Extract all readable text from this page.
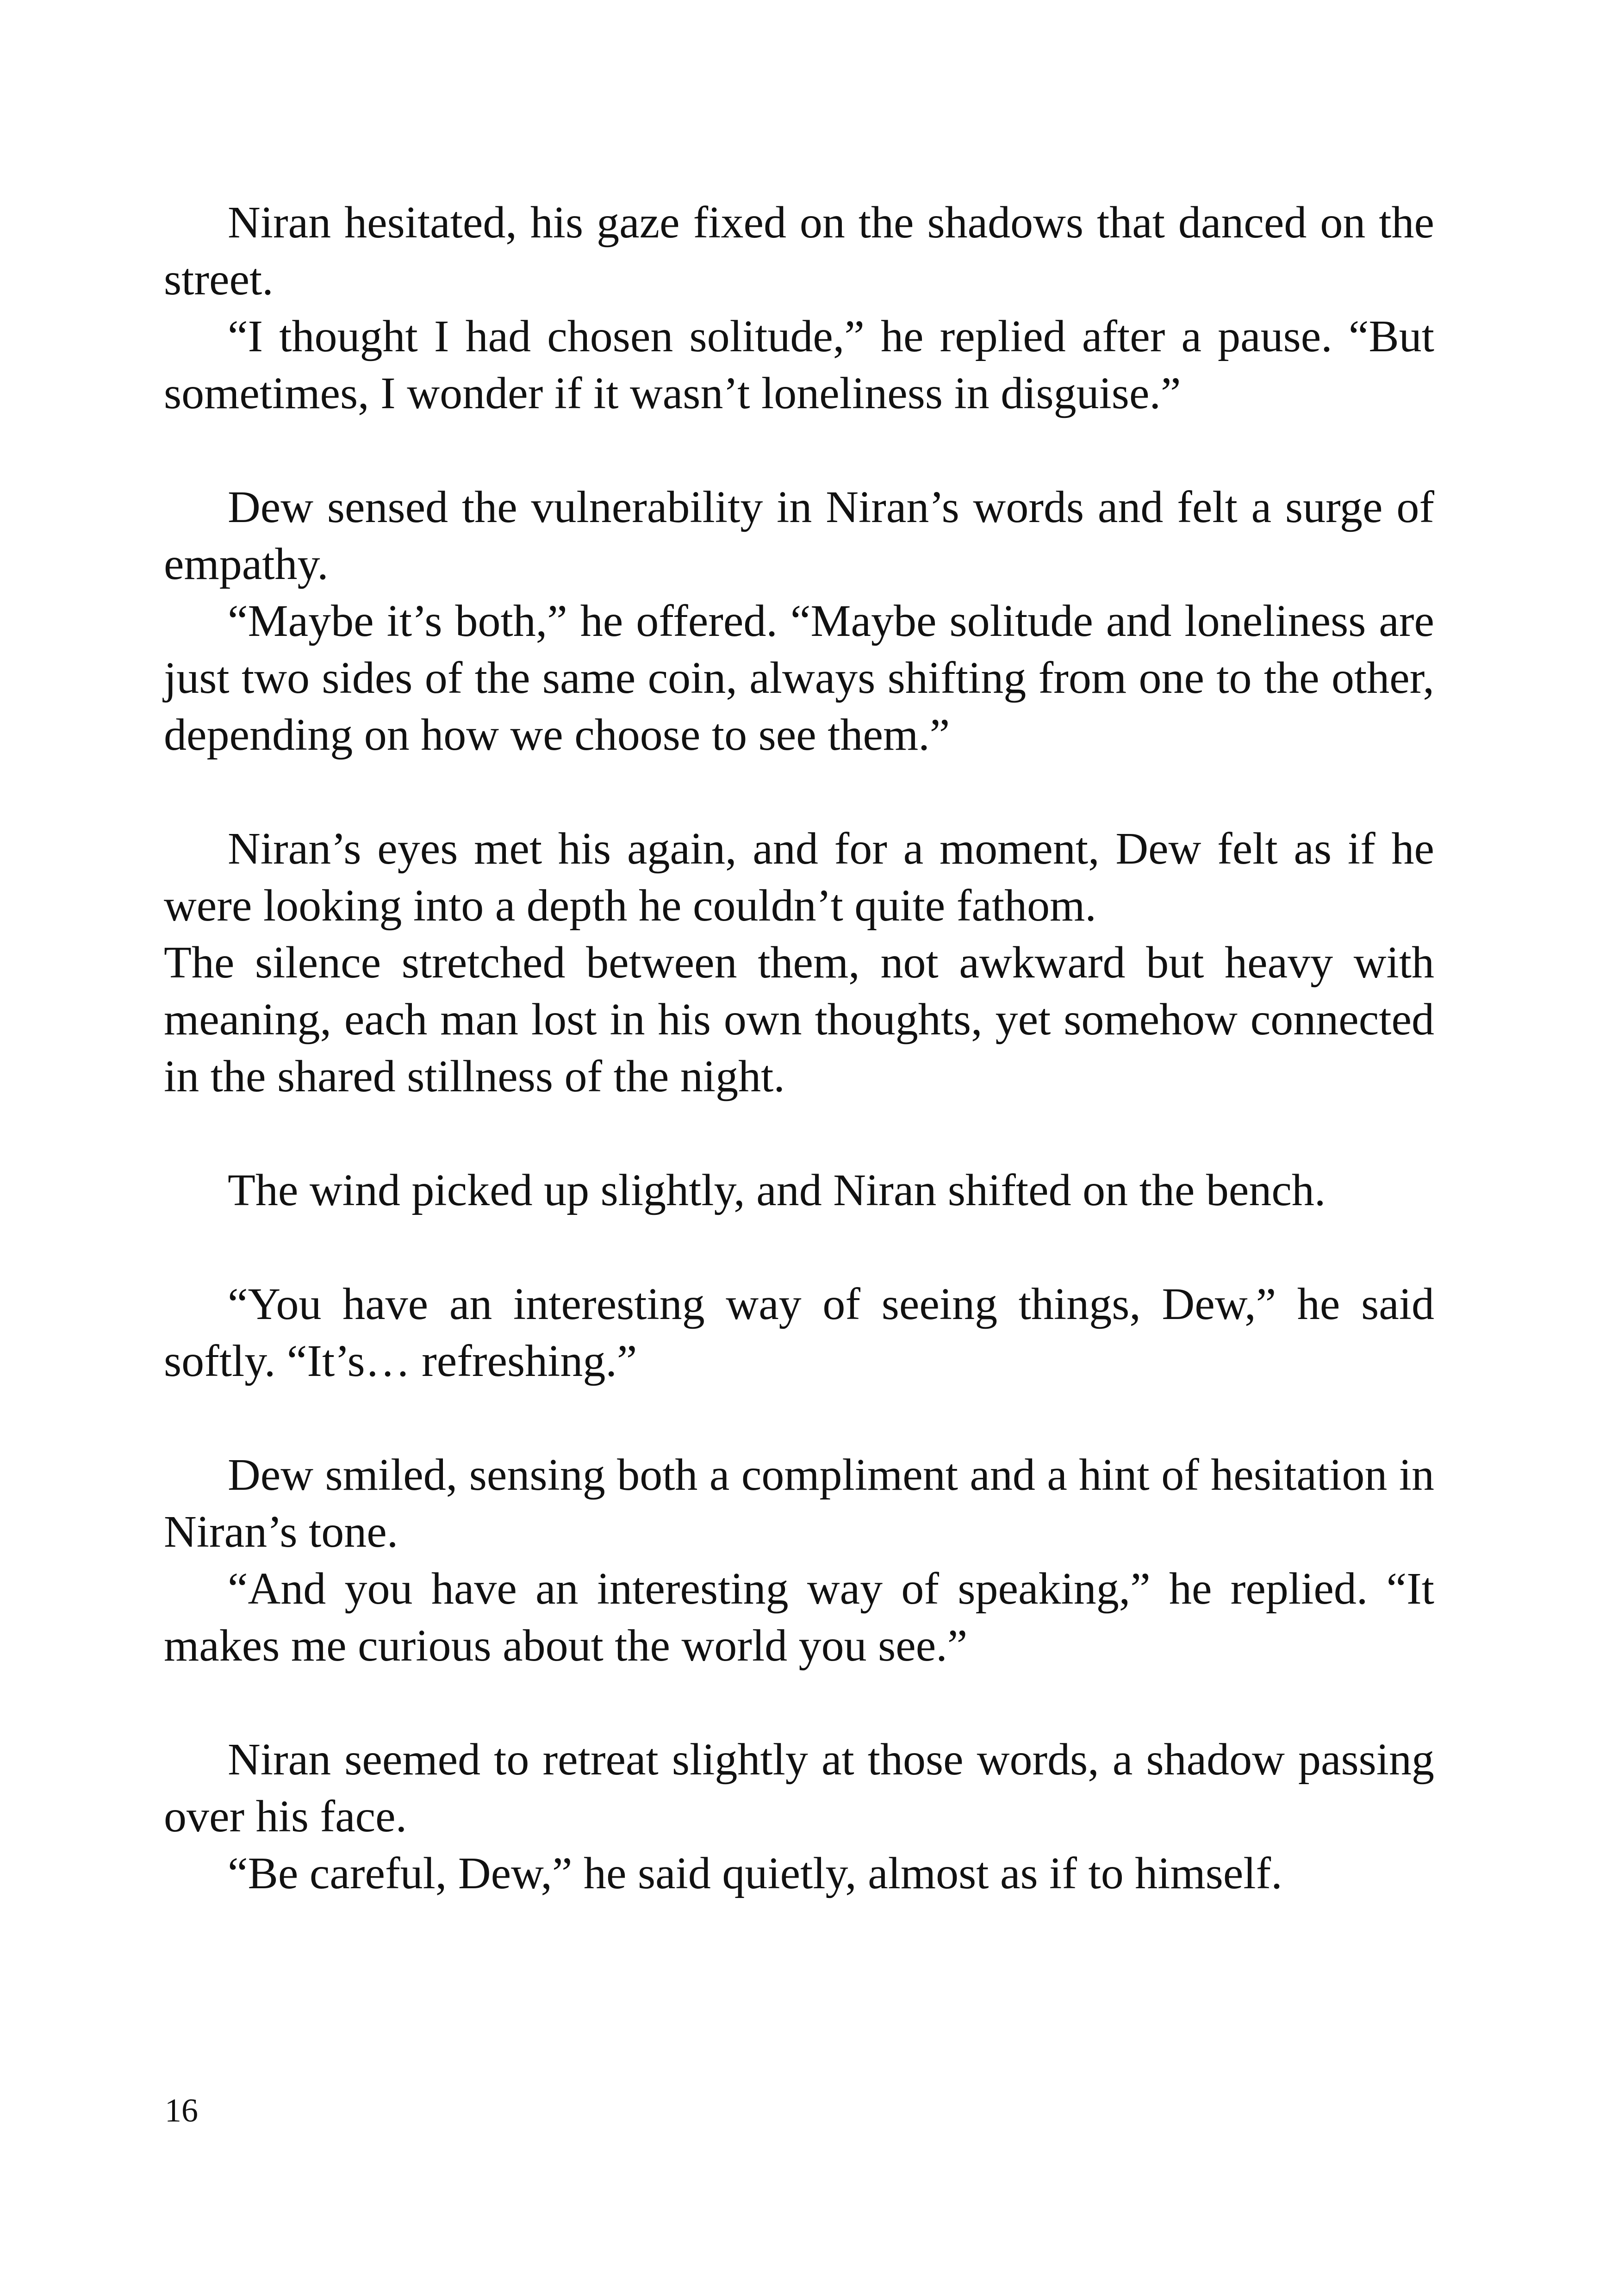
Niran hesitated, his gaze fixed on the shadows that danced on the street.

“I thought I had chosen solitude,” he replied after a pause. “But sometimes, I wonder if it wasn’t loneliness in disguise.”

Dew sensed the vulnerability in Niran’s words and felt a surge of empathy.

“Maybe it’s both,” he offered. “Maybe solitude and loneliness are just two sides of the same coin, always shifting from one to the other, depending on how we choose to see them.”

Niran’s eyes met his again, and for a moment, Dew felt as if he were looking into a depth he couldn’t quite fathom.

The silence stretched between them, not awkward but heavy with meaning, each man lost in his own thoughts, yet somehow connected in the shared stillness of the night.

The wind picked up slightly, and Niran shifted on the bench.

“You have an interesting way of seeing things, Dew,” he said softly. “It’s… refreshing.”

Dew smiled, sensing both a compliment and a hint of hesitation in Niran’s tone.

“And you have an interesting way of speaking,” he replied. “It makes me curious about the world you see.”

Niran seemed to retreat slightly at those words, a shadow passing over his face.

“Be careful, Dew,” he said quietly, almost as if to himself.

16
